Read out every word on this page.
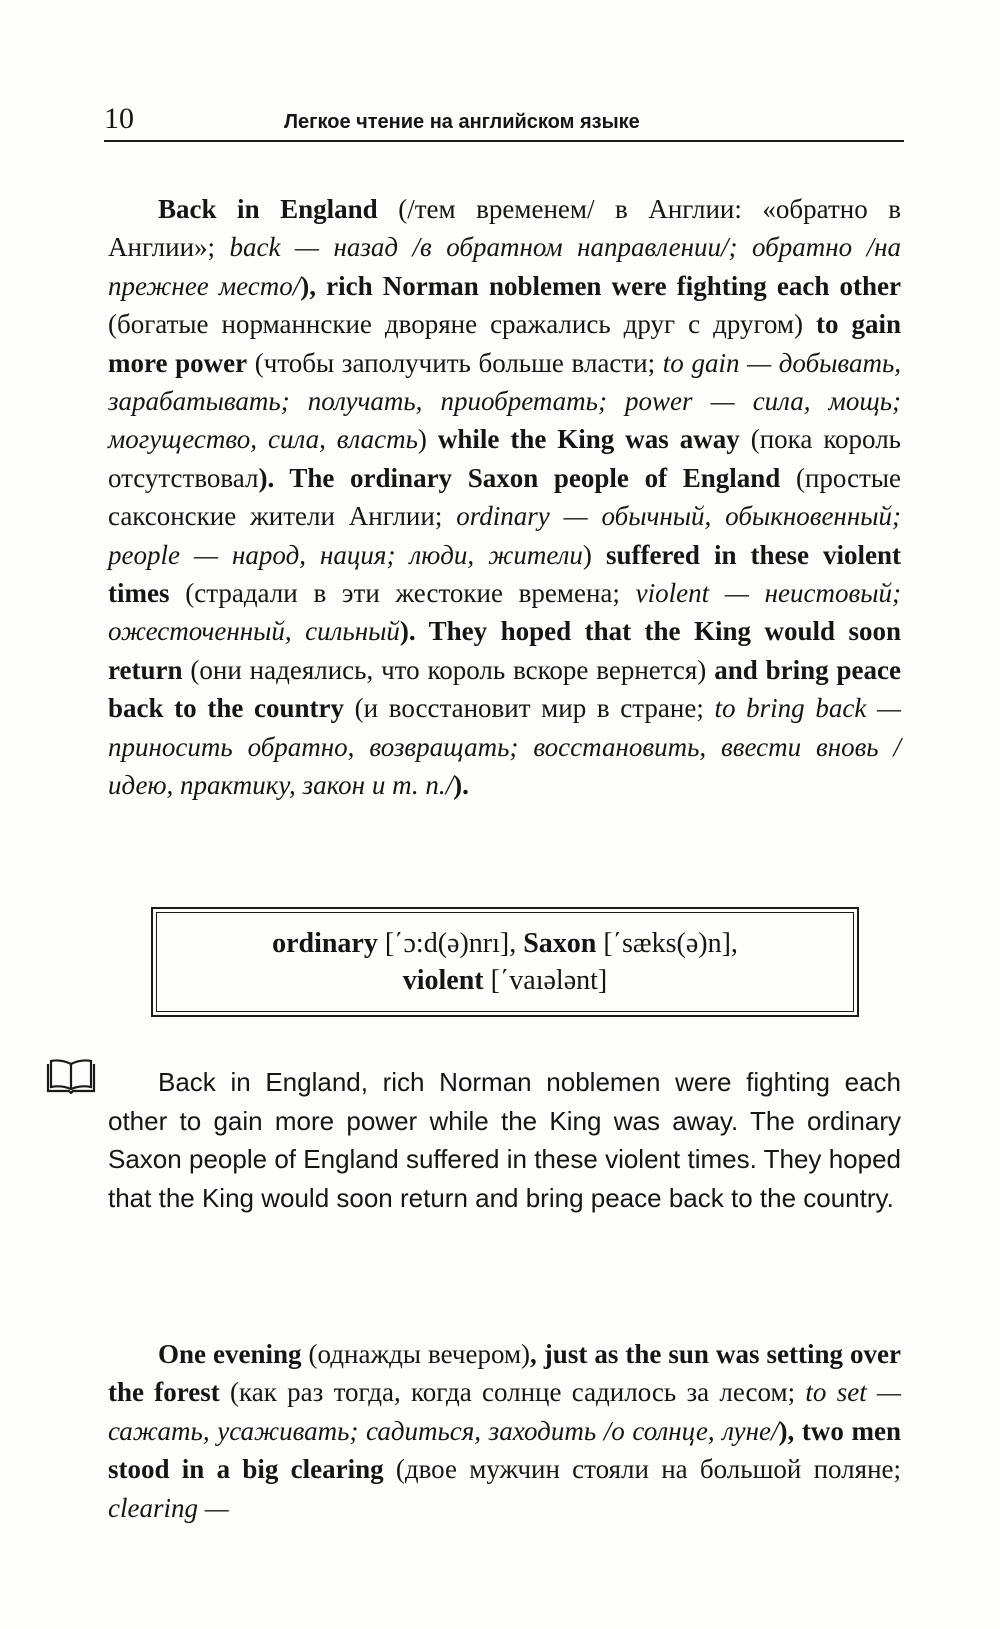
10	Легкое чтение на английском языке

Back in England (/тем временем/ в Англии: «обратно в Англии»; back — назад /в обратном направлении/; обратно /на прежнее место/), rich Norman noblemen were fighting each other (богатые норманнские дворяне сражались друг с другом) to gain more power (чтобы заполучить больше власти; to gain — добывать, зарабатывать; получать, приобретать; power — сила, мощь; могущество, сила, власть) while the King was away (пока король отсутствовал). The ordinary Saxon people of England (простые саксонские жители Англии; ordinary — обычный, обыкновенный; people — народ, нация; люди, жители) suffered in these violent times (страдали в эти жестокие времена; violent — неистовый; ожесточенный, сильный). They hoped that the King would soon return (они надеялись, что король вскоре вернется) and bring peace back to the country (и восстановит мир в стране; to bring back — приносить обратно, возвращать; восстановить, ввести вновь /идею, практику, закон и т. п./).

ordinary [΄ɔ:d(ə)nrı], Saxon [΄sæks(ə)n],
violent [΄vaıələnt]

Back in England, rich Norman noblemen were fighting each other to gain more power while the King was away. The ordinary Saxon people of England suffered in these violent times. They hoped that the King would soon return and bring peace back to the country.

One evening (однажды вечером), just as the sun was setting over the forest (как раз тогда, когда солнце садилось за лесом; to set — сажать, усаживать; садиться, заходить /о солнце, луне/), two men stood in a big clearing (двое мужчин стояли на большой поляне; clearing —
